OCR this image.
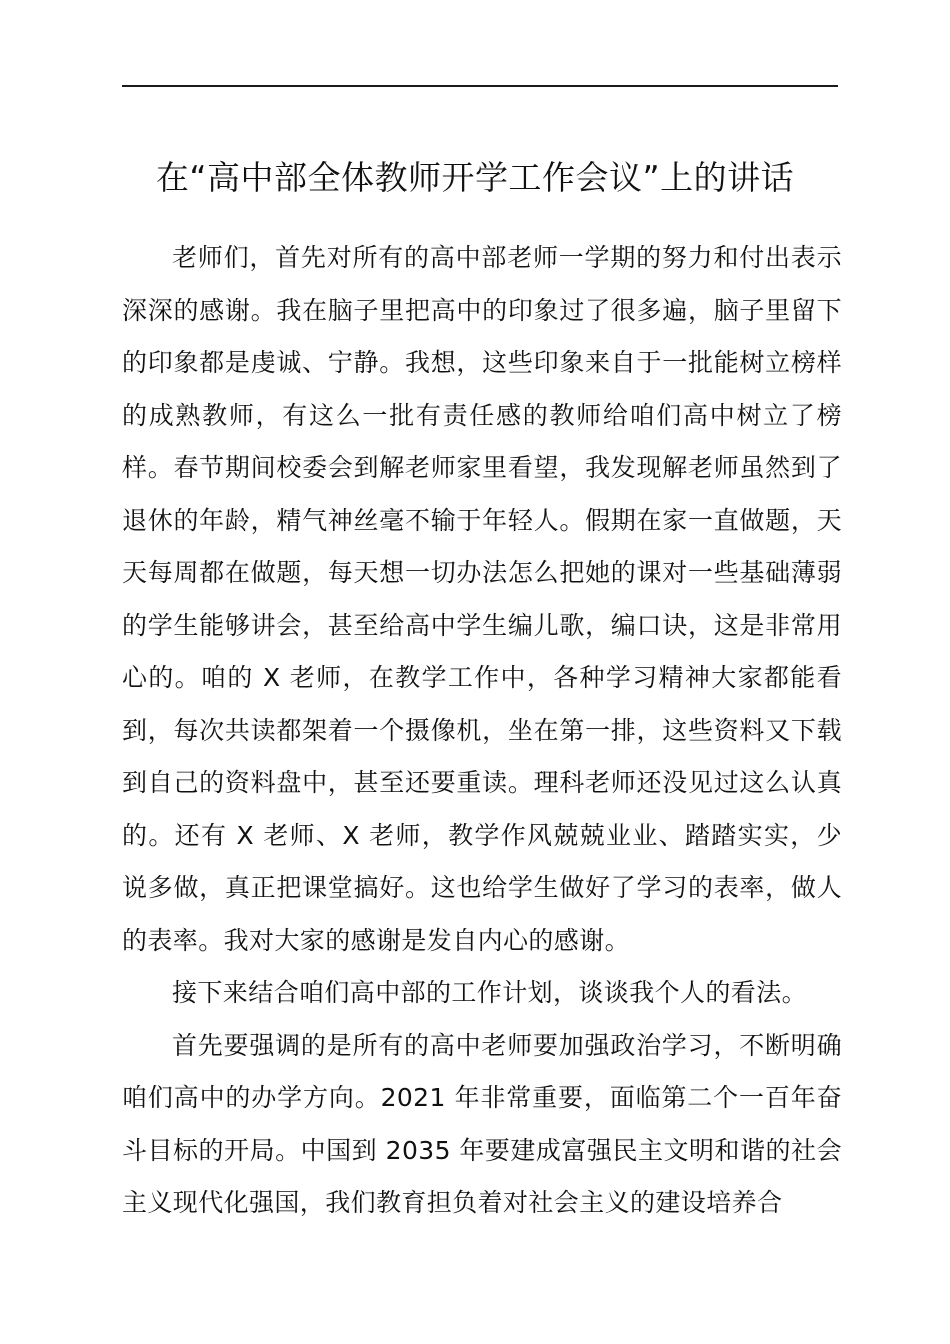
在“高中部全体教师开学工作会议”上的讲话

老师们，首先对所有的高中部老师一学期的努力和付出表示深深的感谢。我在脑子里把高中的印象过了很多遍，脑子里留下的印象都是虔诚、宁静。我想，这些印象来自于一批能树立榜样的成熟教师，有这么一批有责任感的教师给咱们高中树立了榜样。春节期间校委会到解老师家里看望，我发现解老师虽然到了退休的年龄，精气神丝毫不输于年轻人。假期在家一直做题，天天每周都在做题，每天想一切办法怎么把她的课对一些基础薄弱的学生能够讲会，甚至给高中学生编儿歌，编口诀，这是非常用心的。咱的 X 老师，在教学工作中，各种学习精神大家都能看到，每次共读都架着一个摄像机，坐在第一排，这些资料又下载到自己的资料盘中，甚至还要重读。理科老师还没见过这么认真的。还有 X 老师、X 老师，教学作风兢兢业业、踏踏实实，少说多做，真正把课堂搞好。这也给学生做好了学习的表率，做人的表率。我对大家的感谢是发自内心的感谢。

接下来结合咱们高中部的工作计划，谈谈我个人的看法。

首先要强调的是所有的高中老师要加强政治学习，不断明确咱们高中的办学方向。2021 年非常重要，面临第二个一百年奋斗目标的开局。中国到 2035 年要建成富强民主文明和谐的社会主义现代化强国，我们教育担负着对社会主义的建设培养合
